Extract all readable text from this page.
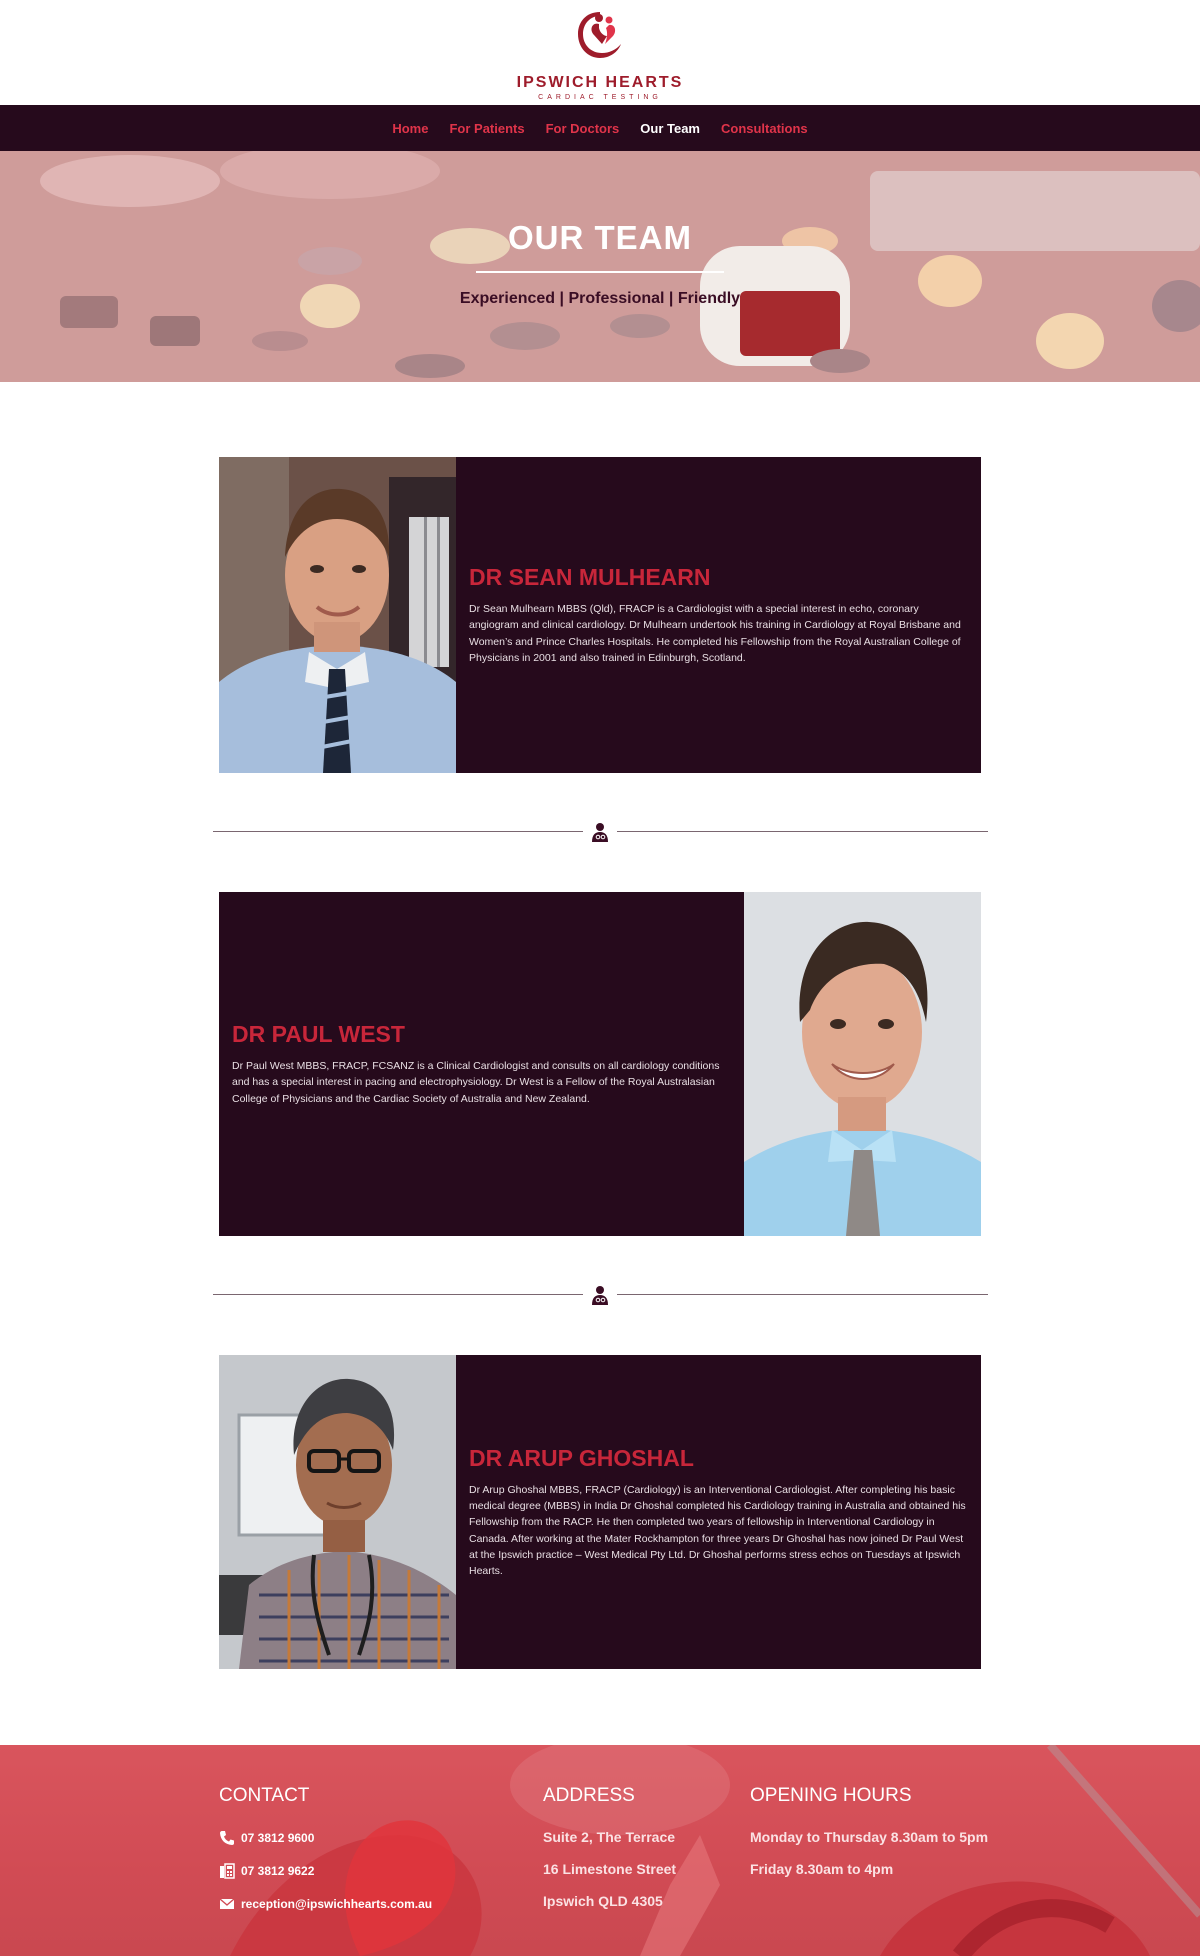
IPSWICH HEARTS
CARDIAC TESTING
Home For Patients For Doctors Our Team Consultations
OUR TEAM
Experienced | Professional | Friendly
DR SEAN MULHEARN

Dr Sean Mulhearn MBBS (Qld), FRACP is a Cardiologist with a special interest in echo, coronary angiogram and clinical cardiology. Dr Mulhearn undertook his training in Cardiology at Royal Brisbane and Women’s and Prince Charles Hospitals. He completed his Fellowship from the Royal Australian College of Physicians in 2001 and also trained in Edinburgh, Scotland.

DR PAUL WEST

Dr Paul West MBBS, FRACP, FCSANZ is a Clinical Cardiologist and consults on all cardiology conditions and has a special interest in pacing and electrophysiology. Dr West is a Fellow of the Royal Australasian College of Physicians and the Cardiac Society of Australia and New Zealand.

DR ARUP GHOSHAL

Dr Arup Ghoshal MBBS, FRACP (Cardiology) is an Interventional Cardiologist. After completing his basic medical degree (MBBS) in India Dr Ghoshal completed his Cardiology training in Australia and obtained his Fellowship from the RACP. He then completed two years of fellowship in Interventional Cardiology in Canada. After working at the Mater Rockhampton for three years Dr Ghoshal has now joined Dr Paul West at the Ipswich practice – West Medical Pty Ltd. Dr Ghoshal performs stress echos on Tuesdays at Ipswich Hearts.

CONTACT
07 3812 9600
07 3812 9622
reception@ipswichhearts.com.au
ADDRESS
Suite 2, The Terrace
16 Limestone Street
Ipswich QLD 4305
OPENING HOURS
Monday to Thursday 8.30am to 5pm
Friday 8.30am to 4pm
